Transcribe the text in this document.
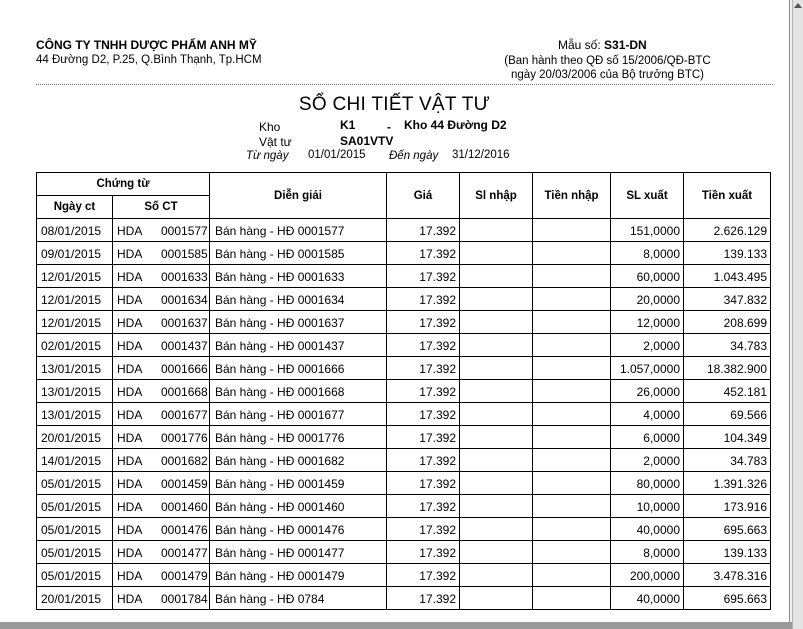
CÔNG TY TNHH DƯỢC PHẨM ANH MỸ
44 Đường D2, P.25, Q.Bình Thạnh, Tp.HCM
Mẫu số: S31-DN
(Ban hành theo QĐ số 15/2006/QĐ-BTC
ngày 20/03/2006 của Bộ trưởng BTC)
SỔ CHI TIẾT VẬT TƯ
Kho	K1	- Kho 44 Đường D2
Vật tư	SA01VTV
Từ ngày 01/01/2015 Đến ngày 31/12/2016
Chứng từ		Diễn giải	Giá	Sl nhập	Tiền nhập	SL xuất	Tiền xuất
Ngày ct	Số CT						
08/01/2015	HDA 0001577	Bán hàng - HĐ 0001577	17.392			151,0000	2.626.129
09/01/2015	HDA 0001585	Bán hàng - HĐ 0001585	17.392			8,0000	139.133
12/01/2015	HDA 0001633	Bán hàng - HĐ 0001633	17.392			60,0000	1.043.495
12/01/2015	HDA 0001634	Bán hàng - HĐ 0001634	17.392			20,0000	347.832
12/01/2015	HDA 0001637	Bán hàng - HĐ 0001637	17.392			12,0000	208.699
02/01/2015	HDA 0001437	Bán hàng - HĐ 0001437	17.392			2,0000	34.783
13/01/2015	HDA 0001666	Bán hàng - HĐ 0001666	17.392			1.057,0000	18.382.900
13/01/2015	HDA 0001668	Bán hàng - HĐ 0001668	17.392			26,0000	452.181
13/01/2015	HDA 0001677	Bán hàng - HĐ 0001677	17.392			4,0000	69.566
20/01/2015	HDA 0001776	Bán hàng - HĐ 0001776	17.392			6,0000	104.349
14/01/2015	HDA 0001682	Bán hàng - HĐ 0001682	17.392			2,0000	34.783
05/01/2015	HDA 0001459	Bán hàng - HĐ 0001459	17.392			80,0000	1.391.326
05/01/2015	HDA 0001460	Bán hàng - HĐ 0001460	17.392			10,0000	173.916
05/01/2015	HDA 0001476	Bán hàng - HĐ 0001476	17.392			40,0000	695.663
05/01/2015	HDA 0001477	Bán hàng - HĐ 0001477	17.392			8,0000	139.133
05/01/2015	HDA 0001479	Bán hàng - HĐ 0001479	17.392			200,0000	3.478.316
20/01/2015	HDA 0001784	Bán hàng - HĐ 0784	17.392			40,0000	695.663
